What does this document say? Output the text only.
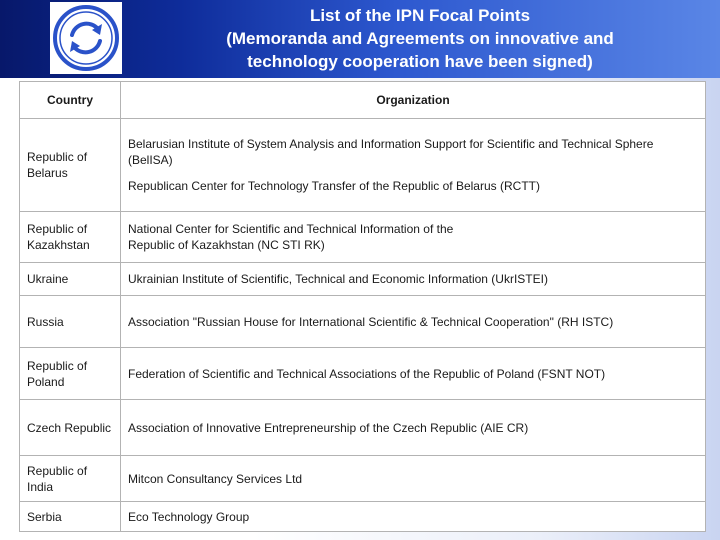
List of the IPN Focal Points
(Memoranda and Agreements on innovative and
technology cooperation have been signed)
Country	Organization
Republic of Belarus	Belarusian Institute of System Analysis and Information Support for Scientific and Technical Sphere (BelISA)
Republican Center for Technology Transfer of the Republic of Belarus (RCTT)

Republic of Kazakhstan	National Center for Scientific and Technical Information of the Republic of Kazakhstan (NC STI RK)

Ukraine	Ukrainian Institute of Scientific, Technical and Economic Information (UkrISTEI)

Russia	Association "Russian House for International Scientific & Technical Cooperation" (RH ISTC)

Republic of Poland	Federation of Scientific and Technical Associations of the Republic of Poland (FSNT NOT)

Czech Republic	Association of Innovative Entrepreneurship of the Czech Republic (AIE CR)

Republic of India	Mitcon Consultancy Services Ltd

Serbia	Eco Technology Group
